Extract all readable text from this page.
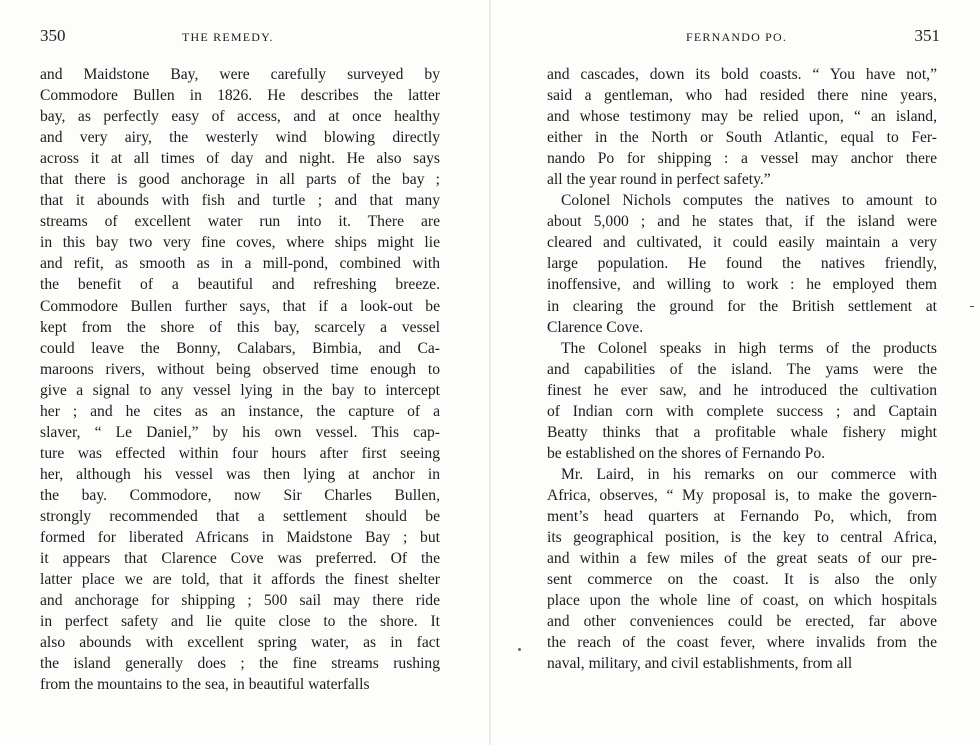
350	THE REMEDY.
and Maidstone Bay, were carefully surveyed by
Commodore Bullen in 1826. He describes the latter
bay, as perfectly easy of access, and at once healthy
and very airy, the westerly wind blowing directly
across it at all times of day and night. He also says
that there is good anchorage in all parts of the bay ;
that it abounds with fish and turtle ; and that many
streams of excellent water run into it. There are
in this bay two very fine coves, where ships might lie
and refit, as smooth as in a mill-pond, combined with
the benefit of a beautiful and refreshing breeze.
Commodore Bullen further says, that if a look-out be
kept from the shore of this bay, scarcely a vessel
could leave the Bonny, Calabars, Bimbia, and Ca-
maroons rivers, without being observed time enough to
give a signal to any vessel lying in the bay to intercept
her ; and he cites as an instance, the capture of a
slaver, “ Le Daniel,” by his own vessel. This cap-
ture was effected within four hours after first seeing
her, although his vessel was then lying at anchor in
the bay. Commodore, now Sir Charles Bullen,
strongly recommended that a settlement should be
formed for liberated Africans in Maidstone Bay ; but
it appears that Clarence Cove was preferred. Of the
latter place we are told, that it affords the finest shelter
and anchorage for shipping ; 500 sail may there ride
in perfect safety and lie quite close to the shore. It
also abounds with excellent spring water, as in fact
the island generally does ; the fine streams rushing
from the mountains to the sea, in beautiful waterfalls
FERNANDO PO.	351
and cascades, down its bold coasts. “ You have not,”
said a gentleman, who had resided there nine years,
and whose testimony may be relied upon, “ an island,
either in the North or South Atlantic, equal to Fer-
nando Po for shipping : a vessel may anchor there
all the year round in perfect safety.”
Colonel Nichols computes the natives to amount to
about 5,000 ; and he states that, if the island were
cleared and cultivated, it could easily maintain a very
large population. He found the natives friendly,
inoffensive, and willing to work : he employed them
in clearing the ground for the British settlement at
Clarence Cove.
The Colonel speaks in high terms of the products
and capabilities of the island. The yams were the
finest he ever saw, and he introduced the cultivation
of Indian corn with complete success ; and Captain
Beatty thinks that a profitable whale fishery might
be established on the shores of Fernando Po.
Mr. Laird, in his remarks on our commerce with
Africa, observes, “ My proposal is, to make the govern-
ment’s head quarters at Fernando Po, which, from
its geographical position, is the key to central Africa,
and within a few miles of the great seats of our pre-
sent commerce on the coast. It is also the only
place upon the whole line of coast, on which hospitals
and other conveniences could be erected, far above
the reach of the coast fever, where invalids from the
naval, military, and civil establishments, from all
